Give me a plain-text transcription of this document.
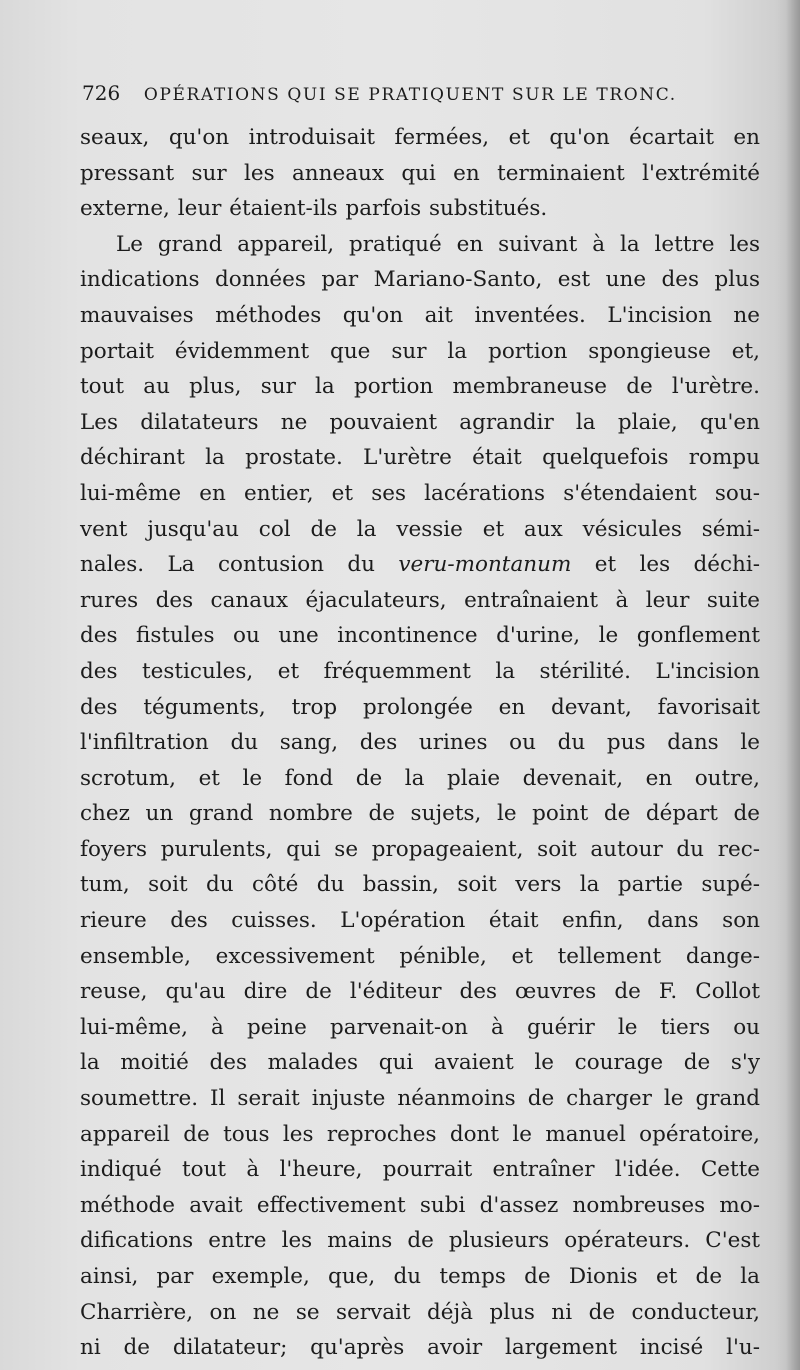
726 OPÉRATIONS QUI SE PRATIQUENT SUR LE TRONC.
seaux, qu'on introduisait fermées, et qu'on écartait en
pressant sur les anneaux qui en terminaient l'extrémité
externe, leur étaient-ils parfois substitués.
Le grand appareil, pratiqué en suivant à la lettre les
indications données par Mariano-Santo, est une des plus
mauvaises méthodes qu'on ait inventées. L'incision ne
portait évidemment que sur la portion spongieuse et,
tout au plus, sur la portion membraneuse de l'urètre.
Les dilatateurs ne pouvaient agrandir la plaie, qu'en
déchirant la prostate. L'urètre était quelquefois rompu
lui-même en entier, et ses lacérations s'étendaient sou-
vent jusqu'au col de la vessie et aux vésicules sémi-
nales. La contusion du veru-montanum et les déchi-
rures des canaux éjaculateurs, entraînaient à leur suite
des fistules ou une incontinence d'urine, le gonflement
des testicules, et fréquemment la stérilité. L'incision
des téguments, trop prolongée en devant, favorisait
l'infiltration du sang, des urines ou du pus dans le
scrotum, et le fond de la plaie devenait, en outre,
chez un grand nombre de sujets, le point de départ de
foyers purulents, qui se propageaient, soit autour du rec-
tum, soit du côté du bassin, soit vers la partie supé-
rieure des cuisses. L'opération était enfin, dans son
ensemble, excessivement pénible, et tellement dange-
reuse, qu'au dire de l'éditeur des œuvres de F. Collot
lui-même, à peine parvenait-on à guérir le tiers ou
la moitié des malades qui avaient le courage de s'y
soumettre. Il serait injuste néanmoins de charger le grand
appareil de tous les reproches dont le manuel opératoire,
indiqué tout à l'heure, pourrait entraîner l'idée. Cette
méthode avait effectivement subi d'assez nombreuses mo-
difications entre les mains de plusieurs opérateurs. C'est
ainsi, par exemple, que, du temps de Dionis et de la
Charrière, on ne se servait déjà plus ni de conducteur,
ni de dilatateur; qu'après avoir largement incisé l'u-
